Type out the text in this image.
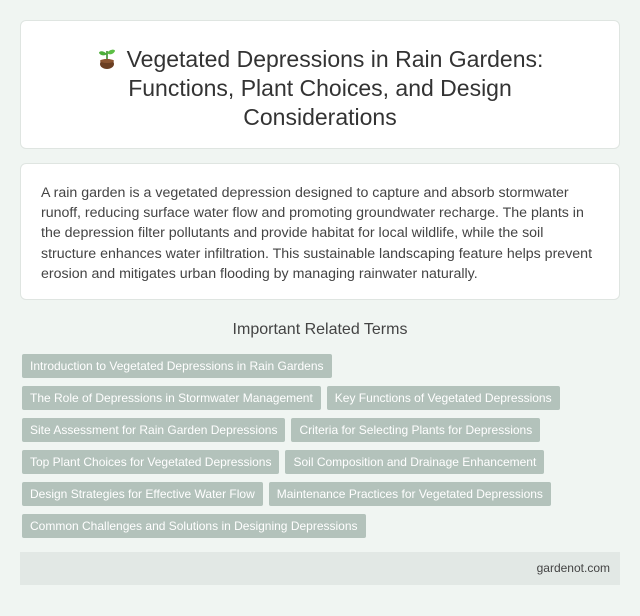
Vegetated Depressions in Rain Gardens: Functions, Plant Choices, and Design Considerations

A rain garden is a vegetated depression designed to capture and absorb stormwater runoff, reducing surface water flow and promoting groundwater recharge. The plants in the depression filter pollutants and provide habitat for local wildlife, while the soil structure enhances water infiltration. This sustainable landscaping feature helps prevent erosion and mitigates urban flooding by managing rainwater naturally.

Important Related Terms
Introduction to Vegetated Depressions in Rain Gardens
The Role of Depressions in Stormwater Management	Key Functions of Vegetated Depressions
Site Assessment for Rain Garden Depressions	Criteria for Selecting Plants for Depressions
Top Plant Choices for Vegetated Depressions	Soil Composition and Drainage Enhancement
Design Strategies for Effective Water Flow	Maintenance Practices for Vegetated Depressions
Common Challenges and Solutions in Designing Depressions
gardenot.com
